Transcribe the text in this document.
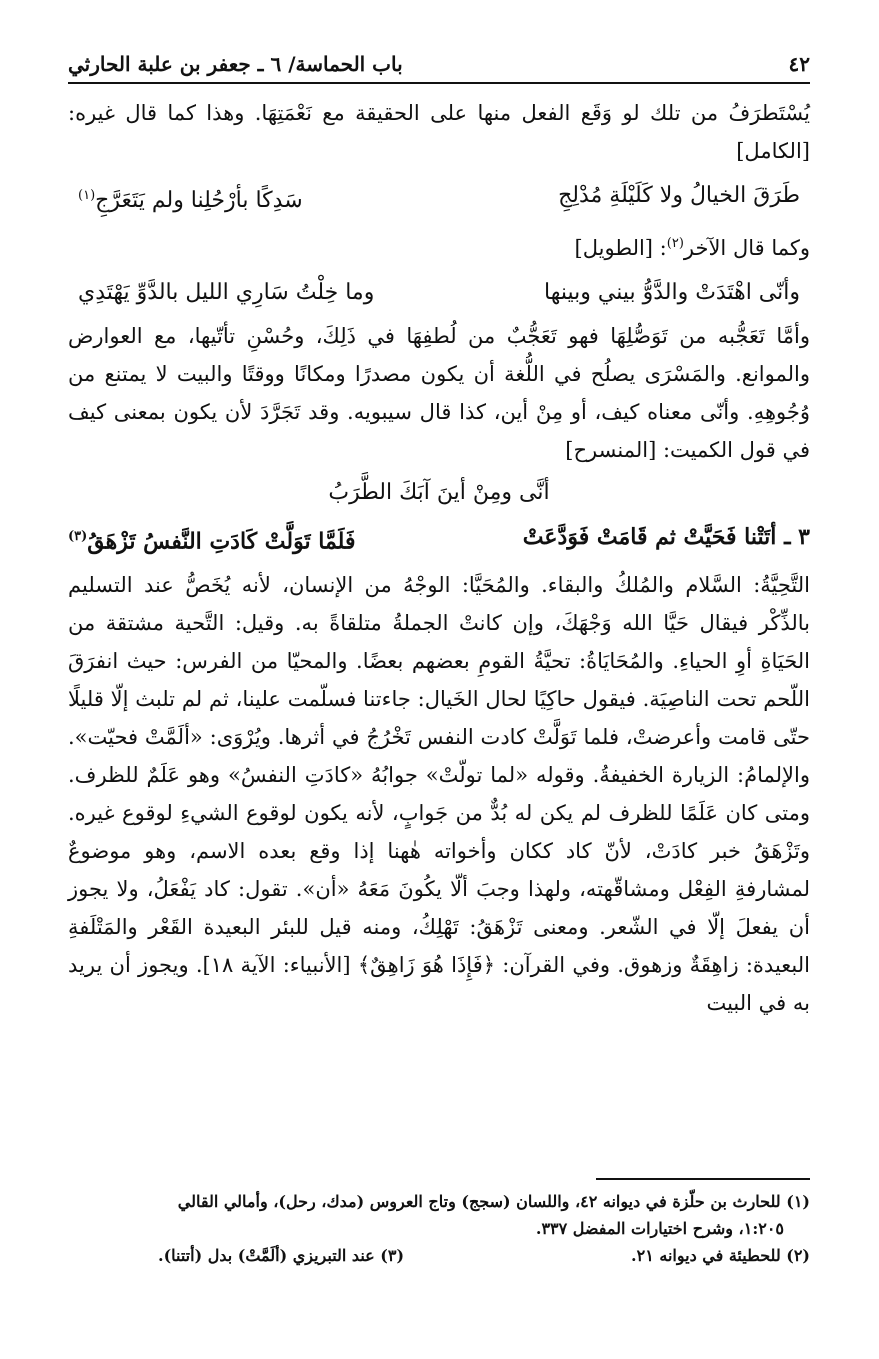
٤٢
باب الحماسة/ ٦ ـ جعفر بن علبة الحارثي

يُسْتَطرَفُ من تلك لو وَقَع الفعل منها على الحقيقة مع نَعْمَتِهَا. وهذا كما قال غيره: [الكامل]

طَرَقَ الخيالُ ولا كَلَيْلَةِ مُدْلِجِ
سَدِكًا بأرْحُلِنا ولم يَتَعَرَّجِ$^{(١)}$

وكما قال الآخر$^{(٢)}$: [الطويل]

وأنّى اهْتَدَتْ والدَّوُّ بيني وبينها
وما خِلْتُ سَارِي الليل بالدَّوِّ يَهْتَدِي

وأمَّا تَعَجُّبه من تَوَصُّلِهَا فهو تَعَجُّبٌ من لُطفِهَا في ذَلِكَ، وحُسْنِ تأتّيها، مع العوارض والموانع. والمَسْرَى يصلُح في اللُّغة أن يكون مصدرًا ومكانًا ووقتًا والبيت لا يمتنع من وُجُوهِهِ. وأنّى معناه كيف، أو مِنْ أين، كذا قال سيبويه. وقد تَجَرَّدَ لأن يكون بمعنى كيف في قول الكميت: [المنسرح]

أنَّى ومِنْ أينَ آبَكَ الطَّرَبُ
٣ ـ أتَتْنا فَحَيَّتْ ثم قَامَتْ فَوَدَّعَتْ
فَلَمَّا تَوَلَّتْ كَادَتِ النَّفسُ تَزْهَقُ$^{(٣)}$

التَّحِيَّةُ: السَّلام والمُلكُ والبقاء. والمُحَيَّا: الوجْهُ من الإنسان، لأنه يُخَصُّ عند التسليم بالذِّكْر فيقال حَيَّا الله وَجْهَكَ، وإن كانتْ الجملةُ متلقاةً به. وقيل: التَّحية مشتقة من الحَيَاةِ أوِ الحياءِ. والمُحَايَاةُ: تحيَّةُ القومِ بعضهم بعضًا. والمحيّا من الفرس: حيث انفرَقَ اللّحم تحت الناصِيَة. فيقول حاكِيًا لحال الخَيال: جاءتنا فسلّمت علينا، ثم لم تلبث إلّا قليلًا حتّى قامت وأعرضتْ، فلما تَوَلَّتْ كادت النفس تَخْرُجُ في أثرها. ويُرْوَى: «ألَمَّتْ فحيّت». والإلمامُ: الزيارة الخفيفةُ. وقوله «لما تولّتْ» جوابُهُ «كادَتِ النفسُ» وهو عَلَمٌ للظرف. ومتى كان عَلَمًا للظرف لم يكن له بُدٌّ من جَوابٍ، لأنه يكون لوقوع الشيءِ لوقوع غيره. وتَزْهَقُ خبر كادَتْ، لأنّ كاد ككان وأخواته هٰهنا إذا وقع بعده الاسم، وهو موضوعٌ لمشارفةِ الفِعْل ومشاقّهته، ولهذا وجبَ ألّا يكُونَ مَعَهُ «أن». تقول: كاد يَفْعَلُ، ولا يجوز أن يفعلَ إلّا في الشّعر. ومعنى تَزْهَقُ: تَهْلِكُ، ومنه قيل للبئر البعيدة القَعْر والمَتْلَفةِ البعيدة: زاهِقَةٌ وزهوق. وفي القرآن: ﴿فَإِذَا هُوَ زَاهِقٌ﴾ [الأنبياء: الآية ١٨]. ويجوز أن يريد به في البيت

(١) للحارث بن حلّزة في ديوانه ٤٢، واللسان (سجج) وتاج العروس (مدك، رحل)، وأمالي القالي
١:٢٠٥، وشرح اختيارات المفضل ٣٣٧.
(٢) للحطيئة في ديوانه ٢١.
(٣) عند التبريزي (ألَمَّتْ) بدل (أتتنا).
